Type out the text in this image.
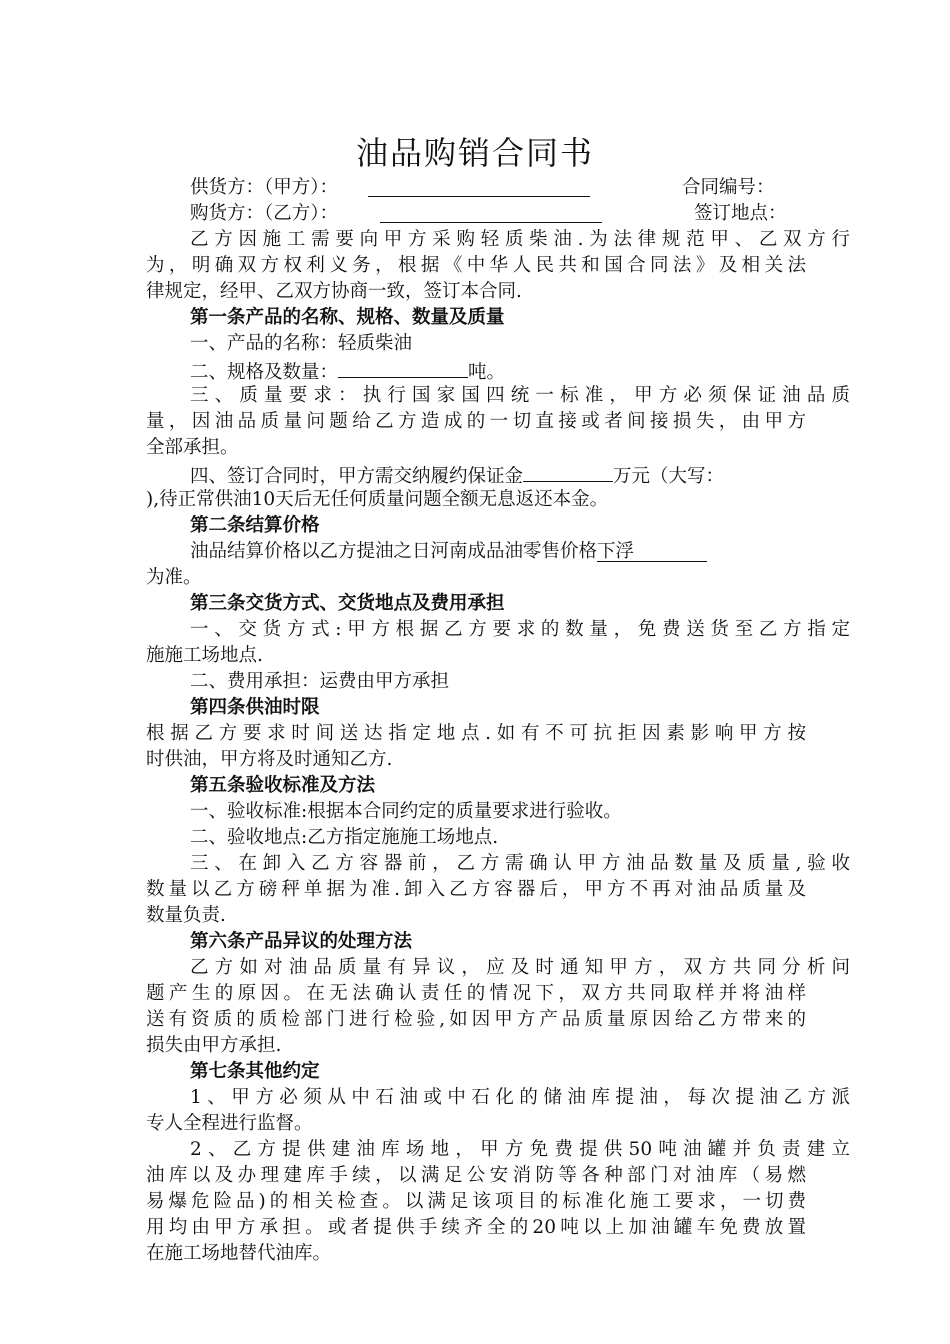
油品购销合同书
供货方：（甲方）：	合同编号：
购货方：（乙方）：	签订地点：
乙方因施工需要向甲方采购轻质柴油.为法律规范甲、乙双方行
为，明确双方权利义务，根据《中华人民共和国合同法》及相关法
律规定，经甲、乙双方协商一致，签订本合同.
第一条产品的名称、规格、数量及质量
一、产品的名称：轻质柴油
二、规格及数量：	吨。
三、质量要求：执行国家国四统一标准，甲方必须保证油品质
量，因油品质量问题给乙方造成的一切直接或者间接损失，由甲方
全部承担。
四、签订合同时，甲方需交纳履约保证金	万元（大写：
),待正常供油10天后无任何质量问题全额无息返还本金。
第二条结算价格
油品结算价格以乙方提油之日河南成品油零售价格下浮
为准。
第三条交货方式、交货地点及费用承担
一、交货方式:甲方根据乙方要求的数量，免费送货至乙方指定
施施工场地点.
二、费用承担：运费由甲方承担
第四条供油时限
根据乙方要求时间送达指定地点.如有不可抗拒因素影响甲方按
时供油，甲方将及时通知乙方.
第五条验收标准及方法
一、验收标准:根据本合同约定的质量要求进行验收。
二、验收地点:乙方指定施施工场地点.
三、在卸入乙方容器前，乙方需确认甲方油品数量及质量,验收
数量以乙方磅秤单据为准.卸入乙方容器后，甲方不再对油品质量及
数量负责.
第六条产品异议的处理方法
乙方如对油品质量有异议，应及时通知甲方，双方共同分析问
题产生的原因。在无法确认责任的情况下，双方共同取样并将油样
送有资质的质检部门进行检验,如因甲方产品质量原因给乙方带来的
损失由甲方承担.
第七条其他约定
1、甲方必须从中石油或中石化的储油库提油，每次提油乙方派
专人全程进行监督。
2、乙方提供建油库场地，甲方免费提供50吨油罐并负责建立
油库以及办理建库手续，以满足公安消防等各种部门对油库（易燃
易爆危险品)的相关检查。以满足该项目的标准化施工要求，一切费
用均由甲方承担。或者提供手续齐全的20吨以上加油罐车免费放置
在施工场地替代油库。
